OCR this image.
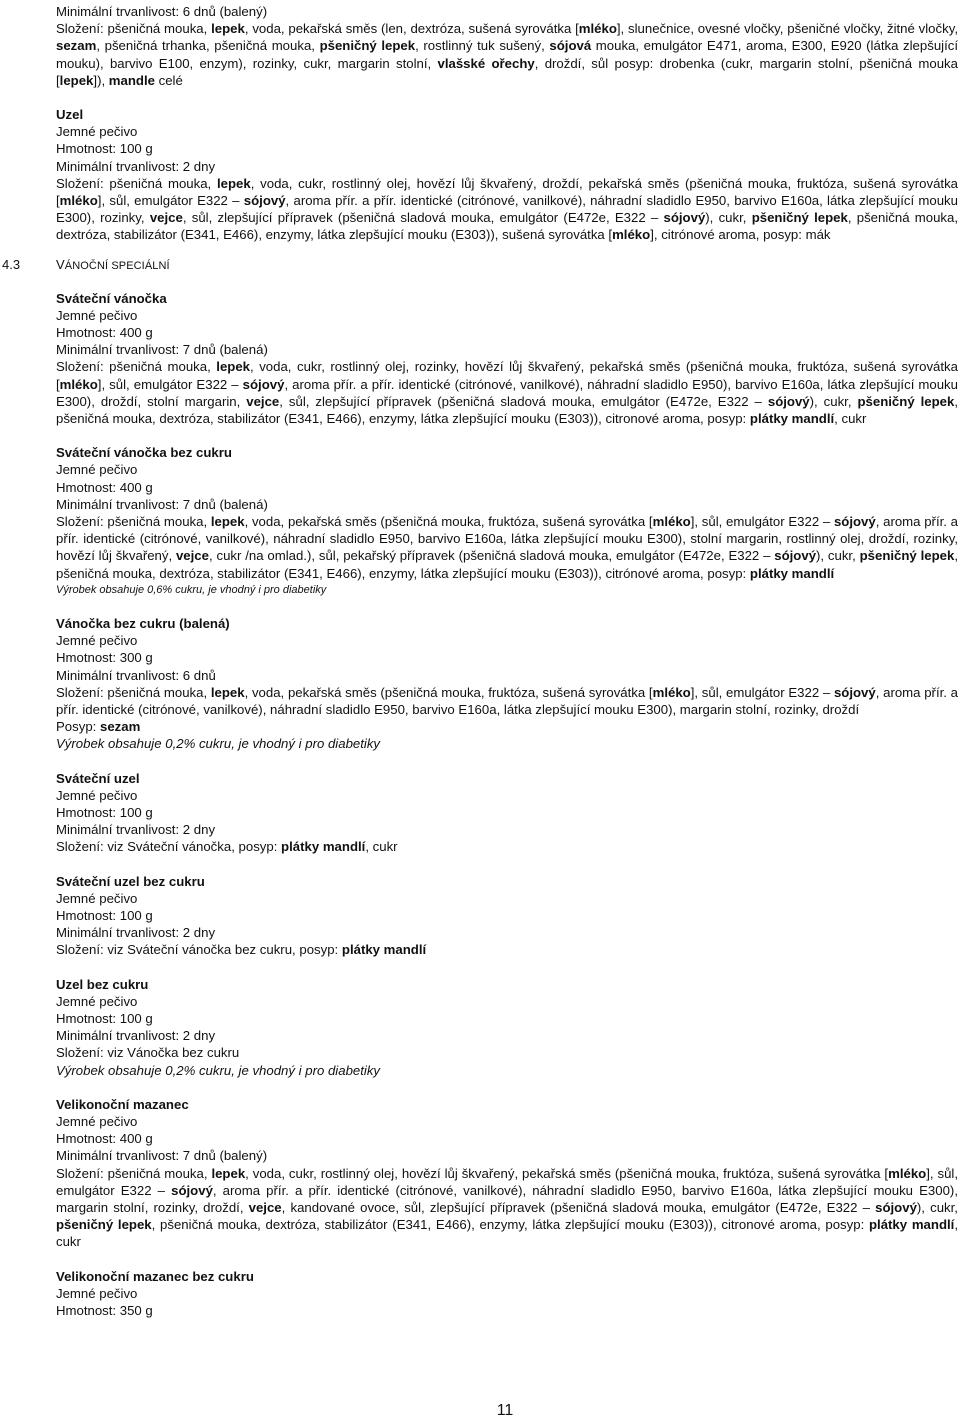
Minimální trvanlivost: 6 dnů (balený)

Složení: pšeničná mouka, lepek, voda, pekařská směs (len, dextróza, sušená syrovátka [mléko], slunečnice, ovesné vločky, pšeničné vločky, žitné vločky, sezam, pšeničná trhanka, pšeničná mouka, pšeničný lepek, rostlinný tuk sušený, sójová mouka, emulgátor E471, aroma, E300, E920 (látka zlepšující mouku), barvivo E100, enzym), rozinky, cukr, margarin stolní, vlašské ořechy, droždí, sůl posyp: drobenka (cukr, margarin stolní, pšeničná mouka [lepek]), mandle celé

Uzel

Jemné pečivo

Hmotnost: 100 g

Minimální trvanlivost: 2 dny

Složení: pšeničná mouka, lepek, voda, cukr, rostlinný olej, hovězí lůj škvařený, droždí, pekařská směs (pšeničná mouka, fruktóza, sušená syrovátka [mléko], sůl, emulgátor E322 – sójový, aroma přír. a přír. identické (citrónové, vanilkové), náhradní sladidlo E950, barvivo E160a, látka zlepšující mouku E300), rozinky, vejce, sůl, zlepšující přípravek (pšeničná sladová mouka, emulgátor (E472e, E322 – sójový), cukr, pšeničný lepek, pšeničná mouka, dextróza, stabilizátor (E341, E466), enzymy, látka zlepšující mouku (E303)), sušená syrovátka [mléko], citrónové aroma, posyp: mák

4.3	VÁNOČNÍ SPECIÁLNÍ

Sváteční vánočka

Jemné pečivo

Hmotnost: 400 g

Minimální trvanlivost: 7 dnů (balená)

Složení: pšeničná mouka, lepek, voda, cukr, rostlinný olej, rozinky, hovězí lůj škvařený, pekařská směs (pšeničná mouka, fruktóza, sušená syrovátka [mléko], sůl, emulgátor E322 – sójový, aroma přír. a přír. identické (citrónové, vanilkové), náhradní sladidlo E950), barvivo E160a, látka zlepšující mouku E300), droždí, stolní margarin, vejce, sůl, zlepšující přípravek (pšeničná sladová mouka, emulgátor (E472e, E322 – sójový), cukr, pšeničný lepek, pšeničná mouka, dextróza, stabilizátor (E341, E466), enzymy, látka zlepšující mouku (E303)), citronové aroma, posyp: plátky mandlí, cukr

Sváteční vánočka bez cukru

Jemné pečivo

Hmotnost: 400 g

Minimální trvanlivost: 7 dnů (balená)

Složení: pšeničná mouka, lepek, voda, pekařská směs (pšeničná mouka, fruktóza, sušená syrovátka [mléko], sůl, emulgátor E322 – sójový, aroma přír. a přír. identické (citrónové, vanilkové), náhradní sladidlo E950, barvivo E160a, látka zlepšující mouku E300), stolní margarin, rostlinný olej, droždí, rozinky, hovězí lůj škvařený, vejce, cukr /na omlad.), sůl, pekařský přípravek (pšeničná sladová mouka, emulgátor (E472e, E322 – sójový), cukr, pšeničný lepek, pšeničná mouka, dextróza, stabilizátor (E341, E466), enzymy, látka zlepšující mouku (E303)), citrónové aroma, posyp: plátky mandlí

Výrobek obsahuje 0,6% cukru, je vhodný i pro diabetiky

Vánočka bez cukru (balená)

Jemné pečivo

Hmotnost: 300 g

Minimální trvanlivost: 6 dnů

Složení: pšeničná mouka, lepek, voda, pekařská směs (pšeničná mouka, fruktóza, sušená syrovátka [mléko], sůl, emulgátor E322 – sójový, aroma přír. a přír. identické (citrónové, vanilkové), náhradní sladidlo E950, barvivo E160a, látka zlepšující mouku E300), margarin stolní, rozinky, droždí

Posyp: sezam

Výrobek obsahuje 0,2% cukru, je vhodný i pro diabetiky

Sváteční uzel

Jemné pečivo

Hmotnost: 100 g

Minimální trvanlivost: 2 dny

Složení: viz Sváteční vánočka, posyp: plátky mandlí, cukr

Sváteční uzel bez cukru

Jemné pečivo

Hmotnost: 100 g

Minimální trvanlivost: 2 dny

Složení: viz Sváteční vánočka bez cukru, posyp: plátky mandlí

Uzel bez cukru

Jemné pečivo

Hmotnost: 100 g

Minimální trvanlivost: 2 dny

Složení: viz Vánočka bez cukru

Výrobek obsahuje 0,2% cukru, je vhodný i pro diabetiky

Velikonoční mazanec

Jemné pečivo

Hmotnost: 400 g

Minimální trvanlivost: 7 dnů (balený)

Složení: pšeničná mouka, lepek, voda, cukr, rostlinný olej, hovězí lůj škvařený, pekařská směs (pšeničná mouka, fruktóza, sušená syrovátka [mléko], sůl, emulgátor E322 – sójový, aroma přír. a přír. identické (citrónové, vanilkové), náhradní sladidlo E950, barvivo E160a, látka zlepšující mouku E300), margarin stolní, rozinky, droždí, vejce, kandované ovoce, sůl, zlepšující přípravek (pšeničná sladová mouka, emulgátor (E472e, E322 – sójový), cukr, pšeničný lepek, pšeničná mouka, dextróza, stabilizátor (E341, E466), enzymy, látka zlepšující mouku (E303)), citronové aroma, posyp: plátky mandlí, cukr

Velikonoční mazanec bez cukru

Jemné pečivo

Hmotnost: 350 g

11
